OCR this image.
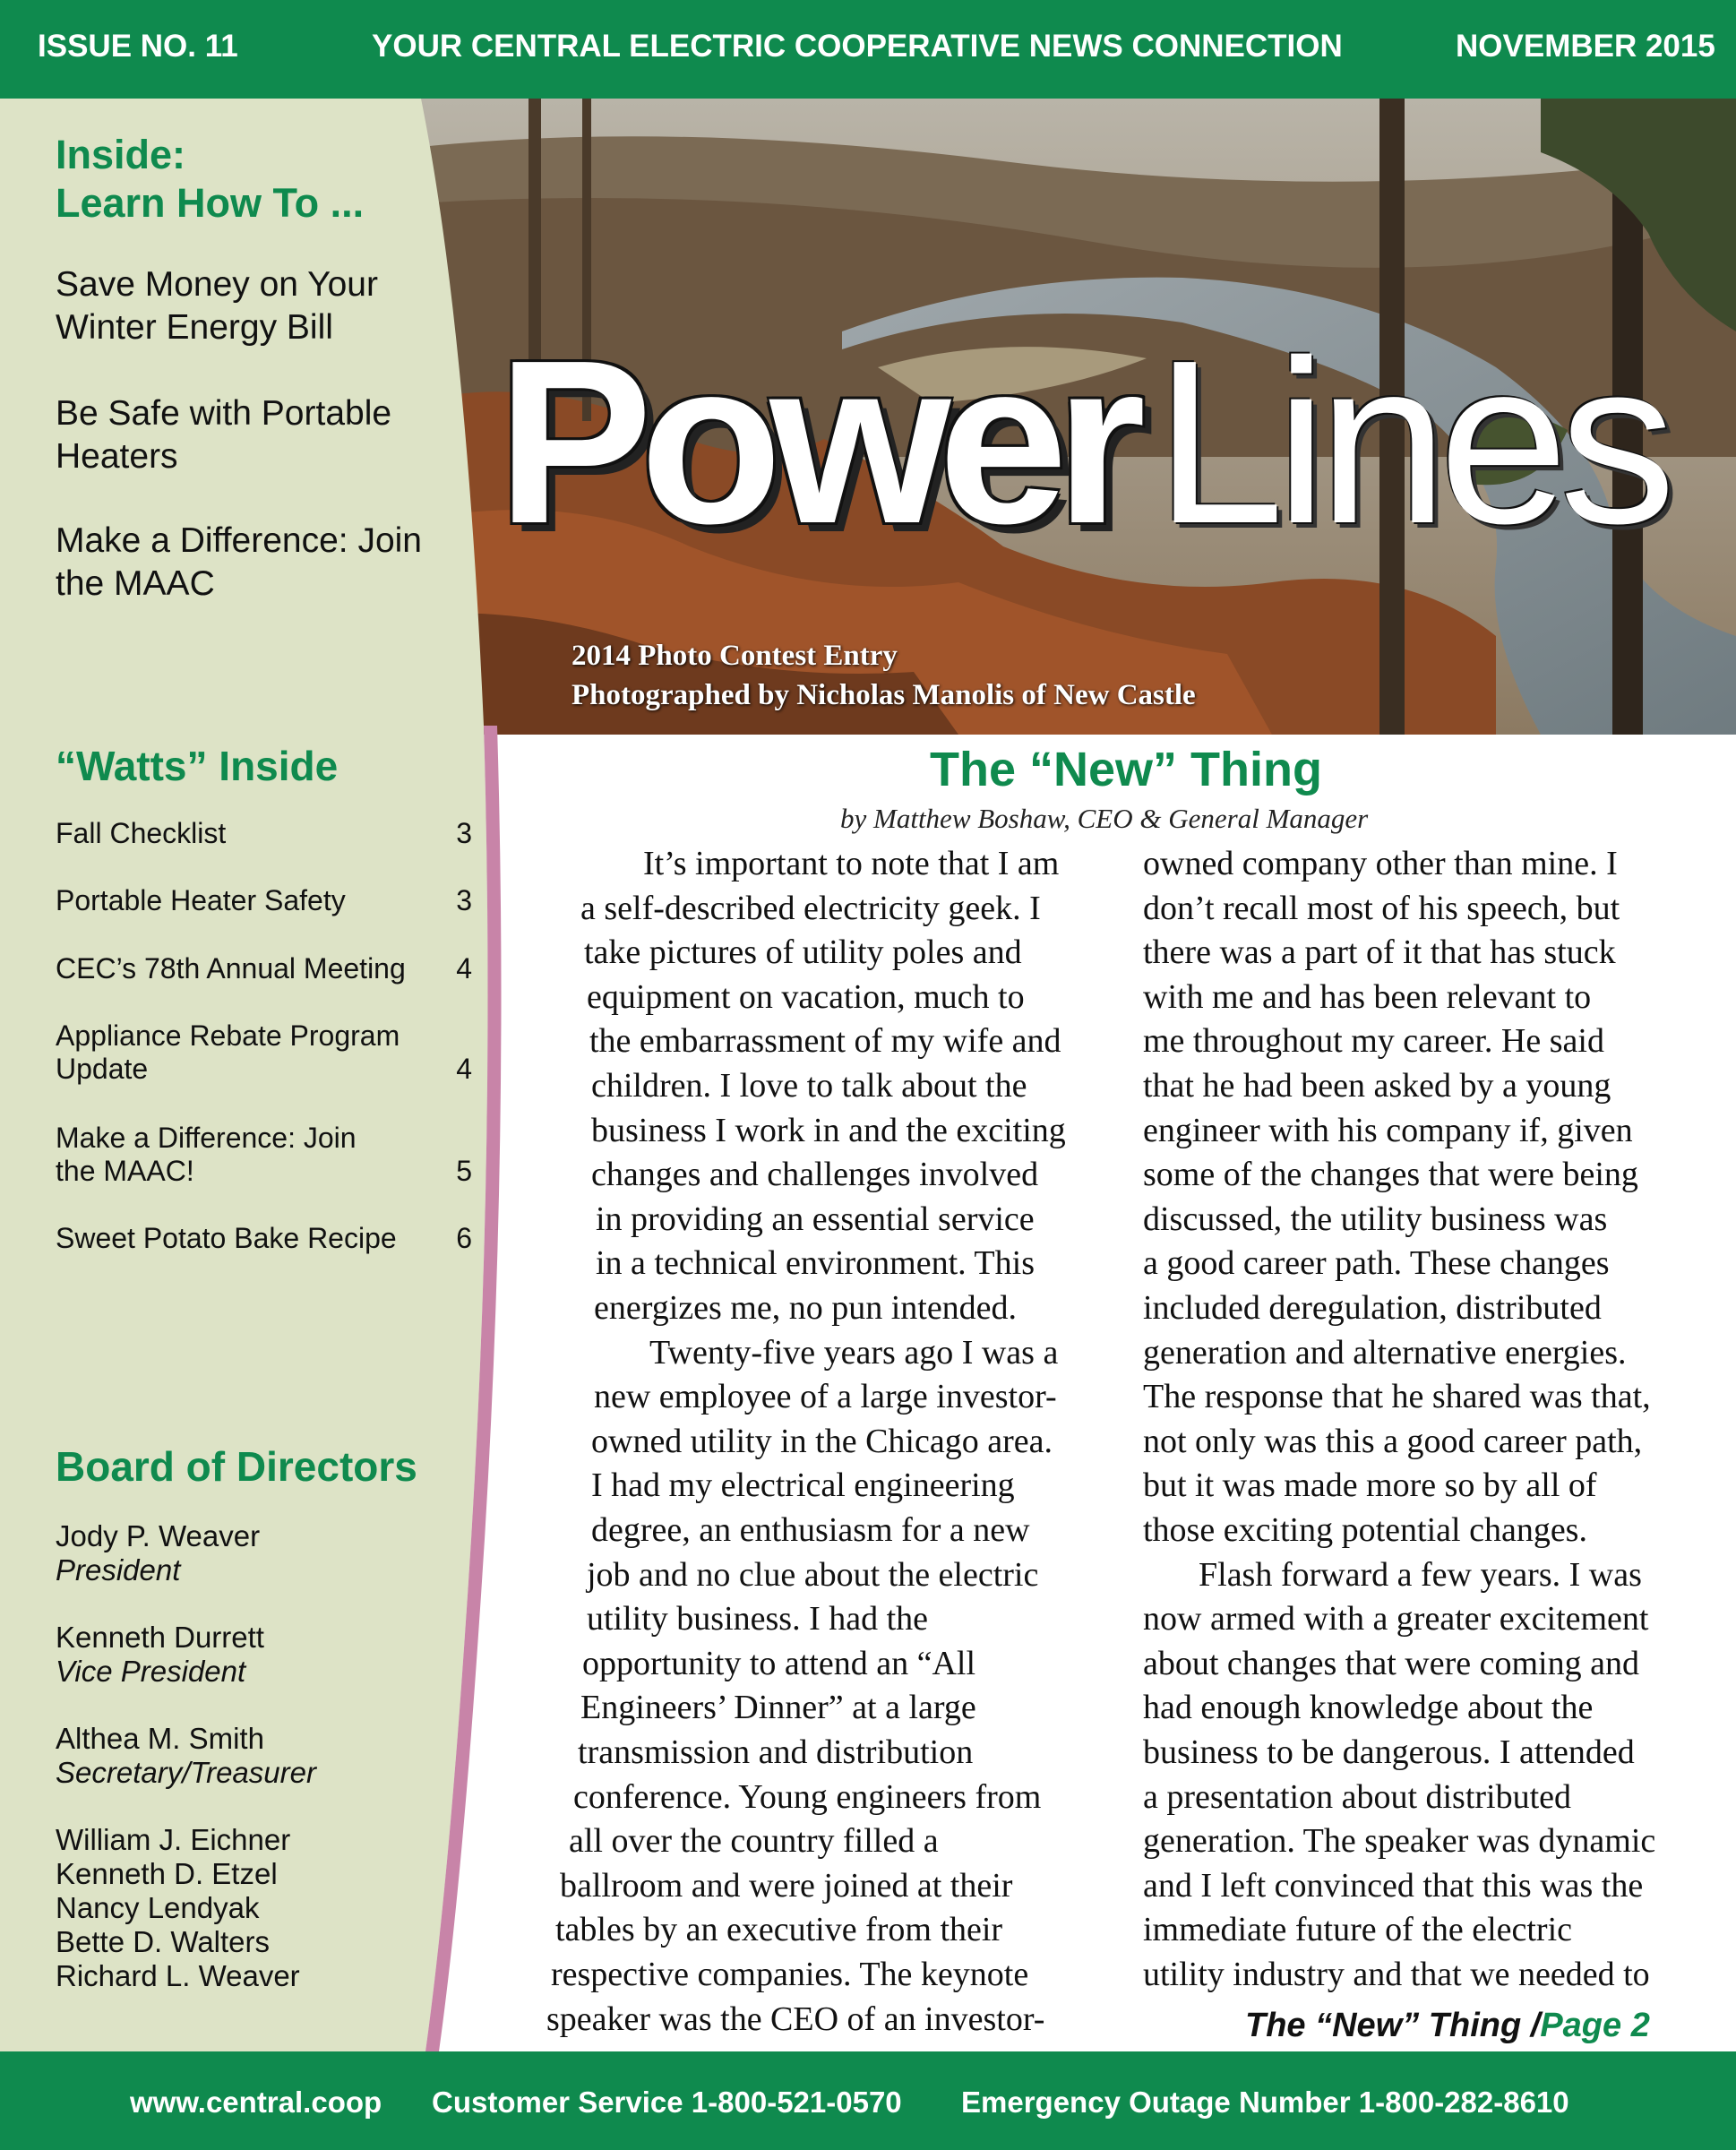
ISSUE NO. 11	YOUR CENTRAL ELECTRIC COOPERATIVE NEWS CONNECTION	NOVEMBER 2015
PowerLines
2014 Photo Contest Entry
Photographed by Nicholas Manolis of New Castle
Inside:
Learn How To ...
Save Money on Your
Winter Energy Bill
Be Safe with Portable
Heaters
Make a Difference: Join
the MAAC
“Watts” Inside
Fall Checklist	3
Portable Heater Safety	3
CEC’s 78th Annual Meeting	4
Appliance Rebate Program
Update	4
Make a Difference: Join
the MAAC!	5
Sweet Potato Bake Recipe	6
Board of Directors
Jody P. Weaver
President
Kenneth Durrett
Vice President
Althea M. Smith
Secretary/Treasurer
William J. Eichner
Kenneth D. Etzel
Nancy Lendyak
Bette D. Walters
Richard L. Weaver
The “New” Thing
by Matthew Boshaw, CEO & General Manager
The “New” Thing /Page 2
www.central.coop Customer Service 1-800-521-0570 Emergency Outage Number 1-800-282-8610
It’s important to note that I am
a self-described electricity geek. I
take pictures of utility poles and
equipment on vacation, much to
the embarrassment of my wife and
children. I love to talk about the
business I work in and the exciting
changes and challenges involved
in providing an essential service
in a technical environment. This
energizes me, no pun intended.
Twenty-five years ago I was a
new employee of a large investor-
owned utility in the Chicago area.
I had my electrical engineering
degree, an enthusiasm for a new
job and no clue about the electric
utility business. I had the
opportunity to attend an “All
Engineers’ Dinner” at a large
transmission and distribution
conference. Young engineers from
all over the country filled a
ballroom and were joined at their
tables by an executive from their
respective companies. The keynote
speaker was the CEO of an investor-
owned company other than mine. I
don’t recall most of his speech, but
there was a part of it that has stuck
with me and has been relevant to
me throughout my career. He said
that he had been asked by a young
engineer with his company if, given
some of the changes that were being
discussed, the utility business was
a good career path. These changes
included deregulation, distributed
generation and alternative energies.
The response that he shared was that,
not only was this a good career path,
but it was made more so by all of
those exciting potential changes.
Flash forward a few years. I was
now armed with a greater excitement
about changes that were coming and
had enough knowledge about the
business to be dangerous. I attended
a presentation about distributed
generation. The speaker was dynamic
and I left convinced that this was the
immediate future of the electric
utility industry and that we needed to
